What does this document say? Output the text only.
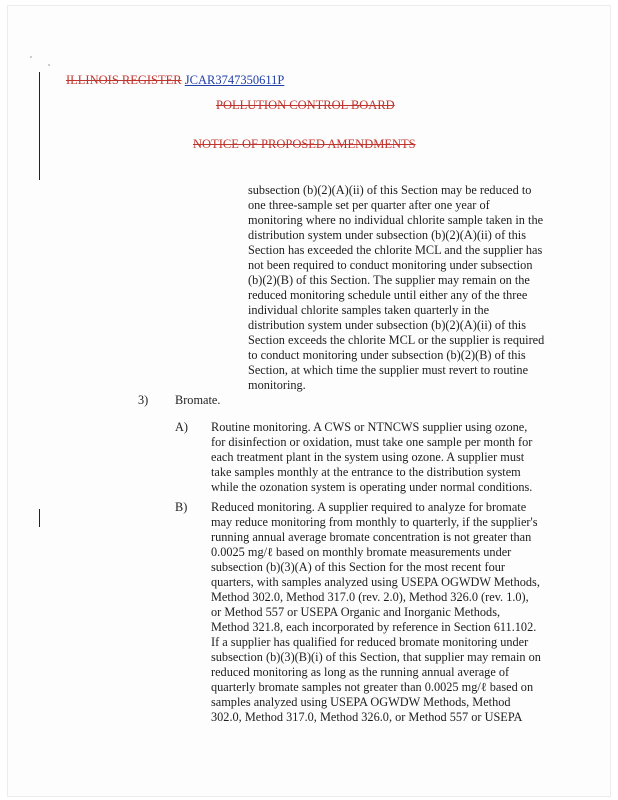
ILLINOIS REGISTER JCAR3747350611P
POLLUTION CONTROL BOARD
NOTICE OF PROPOSED AMENDMENTS
subsection (b)(2)(A)(ii) of this Section may be reduced to one three-sample set per quarter after one year of monitoring where no individual chlorite sample taken in the distribution system under subsection (b)(2)(A)(ii) of this Section has exceeded the chlorite MCL and the supplier has not been required to conduct monitoring under subsection (b)(2)(B) of this Section. The supplier may remain on the reduced monitoring schedule until either any of the three individual chlorite samples taken quarterly in the distribution system under subsection (b)(2)(A)(ii) of this Section exceeds the chlorite MCL or the supplier is required to conduct monitoring under subsection (b)(2)(B) of this Section, at which time the supplier must revert to routine monitoring.
3) Bromate.
A) Routine monitoring. A CWS or NTNCWS supplier using ozone, for disinfection or oxidation, must take one sample per month for each treatment plant in the system using ozone. A supplier must take samples monthly at the entrance to the distribution system while the ozonation system is operating under normal conditions.
B) Reduced monitoring. A supplier required to analyze for bromate may reduce monitoring from monthly to quarterly, if the supplier's running annual average bromate concentration is not greater than 0.0025 mg/ℓ based on monthly bromate measurements under subsection (b)(3)(A) of this Section for the most recent four quarters, with samples analyzed using USEPA OGWDW Methods, Method 302.0, Method 317.0 (rev. 2.0), Method 326.0 (rev. 1.0), or Method 557 or USEPA Organic and Inorganic Methods, Method 321.8, each incorporated by reference in Section 611.102. If a supplier has qualified for reduced bromate monitoring under subsection (b)(3)(B)(i) of this Section, that supplier may remain on reduced monitoring as long as the running annual average of quarterly bromate samples not greater than 0.0025 mg/ℓ based on samples analyzed using USEPA OGWDW Methods, Method 302.0, Method 317.0, Method 326.0, or Method 557 or USEPA
